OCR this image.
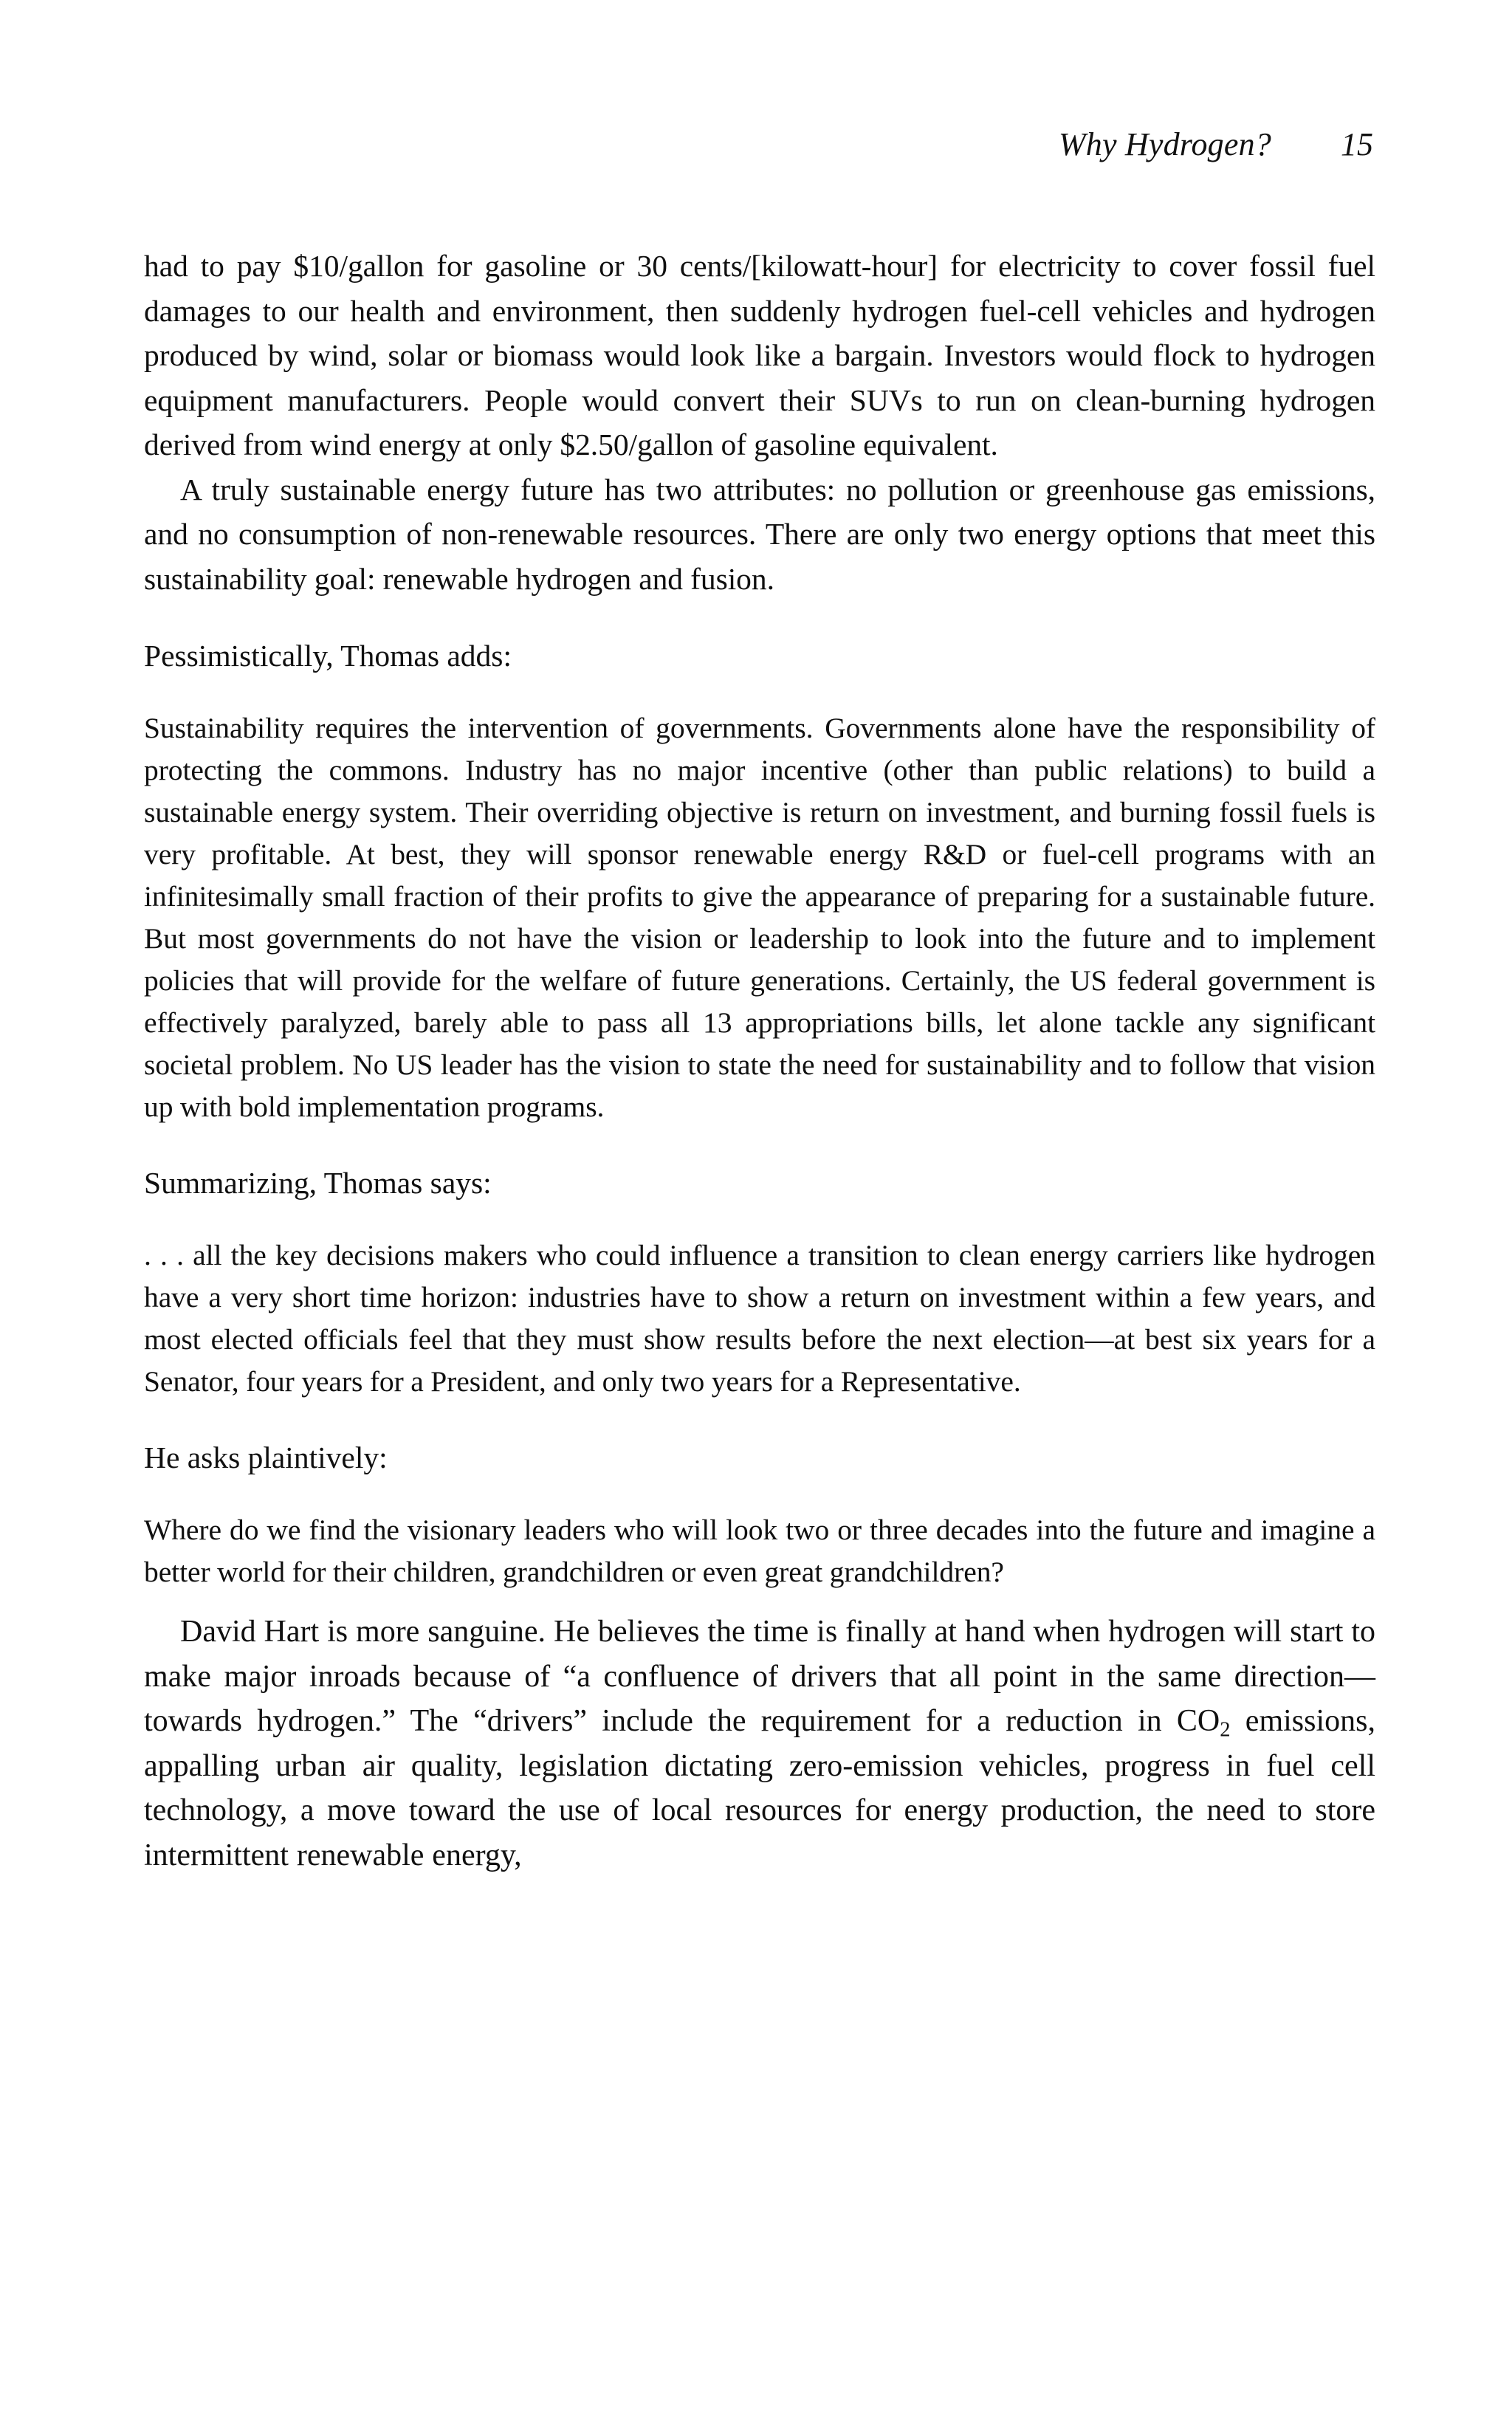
Why Hydrogen? 15

had to pay $10/gallon for gasoline or 30 cents/[kilowatt-hour] for electricity to cover fossil fuel damages to our health and environment, then suddenly hydrogen fuel-cell vehicles and hydrogen produced by wind, solar or biomass would look like a bargain. Investors would flock to hydrogen equipment manufacturers. People would convert their SUVs to run on clean-burning hydrogen derived from wind energy at only $2.50/gallon of gasoline equivalent.

A truly sustainable energy future has two attributes: no pollution or greenhouse gas emissions, and no consumption of non-renewable resources. There are only two energy options that meet this sustainability goal: renewable hydrogen and fusion.

Pessimistically, Thomas adds:

Sustainability requires the intervention of governments. Governments alone have the responsibility of protecting the commons. Industry has no major incentive (other than public relations) to build a sustainable energy system. Their overriding objective is return on investment, and burning fossil fuels is very profitable. At best, they will sponsor renewable energy R&D or fuel-cell programs with an infinitesimally small fraction of their profits to give the appearance of preparing for a sustainable future. But most governments do not have the vision or leadership to look into the future and to implement policies that will provide for the welfare of future generations. Certainly, the US federal government is effectively paralyzed, barely able to pass all 13 appropriations bills, let alone tackle any significant societal problem. No US leader has the vision to state the need for sustainability and to follow that vision up with bold implementation programs.

Summarizing, Thomas says:

. . . all the key decisions makers who could influence a transition to clean energy carriers like hydrogen have a very short time horizon: industries have to show a return on investment within a few years, and most elected officials feel that they must show results before the next election—at best six years for a Senator, four years for a President, and only two years for a Representative.

He asks plaintively:

Where do we find the visionary leaders who will look two or three decades into the future and imagine a better world for their children, grandchildren or even great grandchildren?

David Hart is more sanguine. He believes the time is finally at hand when hydrogen will start to make major inroads because of “a confluence of drivers that all point in the same direction—towards hydrogen.” The “drivers” include the requirement for a reduction in $CO_2$ emissions, appalling urban air quality, legislation dictating zero-emission vehicles, progress in fuel cell technology, a move toward the use of local resources for energy production, the need to store intermittent renewable energy,
